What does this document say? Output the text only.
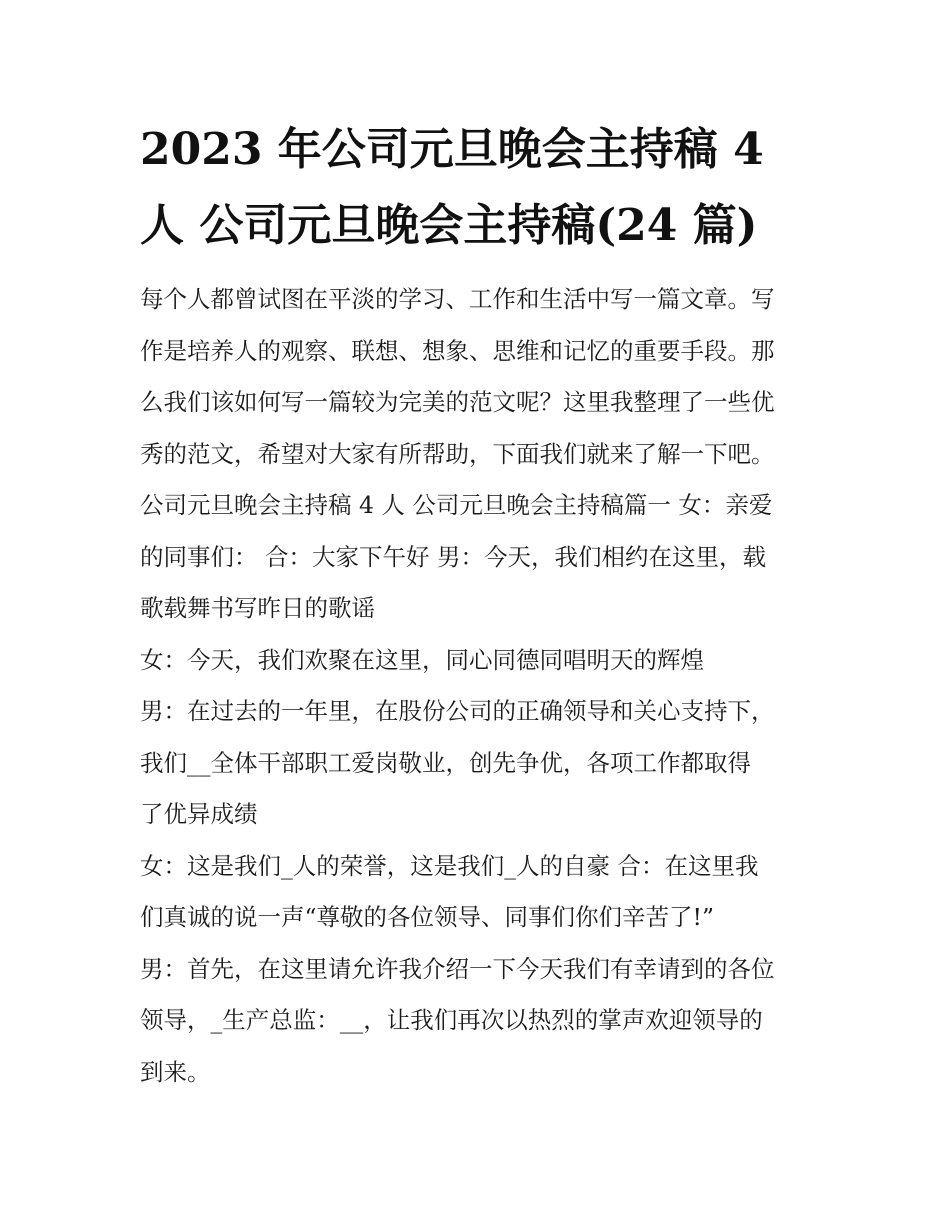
2023 年公司元旦晚会主持稿 4
人 公司元旦晚会主持稿(24 篇)
每个人都曾试图在平淡的学习、工作和生活中写一篇文章。写
作是培养人的观察、联想、想象、思维和记忆的重要手段。那
么我们该如何写一篇较为完美的范文呢？这里我整理了一些优
秀的范文，希望对大家有所帮助，下面我们就来了解一下吧。
公司元旦晚会主持稿 4 人 公司元旦晚会主持稿篇一 女：亲爱
的同事们： 合：大家下午好 男：今天，我们相约在这里，载
歌载舞书写昨日的歌谣
女：今天，我们欢聚在这里，同心同德同唱明天的辉煌
男：在过去的一年里，在股份公司的正确领导和关心支持下，
我们__全体干部职工爱岗敬业，创先争优，各项工作都取得
了优异成绩
女：这是我们_人的荣誉，这是我们_人的自豪 合：在这里我
们真诚的说一声“尊敬的各位领导、同事们你们辛苦了!”
男：首先，在这里请允许我介绍一下今天我们有幸请到的各位
领导，_生产总监：__，让我们再次以热烈的掌声欢迎领导的
到来。
